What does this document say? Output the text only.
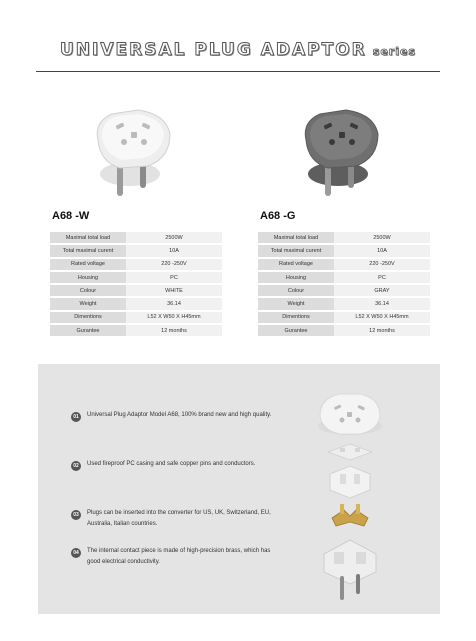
UNIVERSAL PLUG ADAPTOR series
A68 -W
Maximal total load	2500W
Total maximal curent	10A
Rated voltage	220 -250V
Housing	PC
Colour	WHITE
Weight	36.14
Dimentions	L52 X W50 X H45mm
Gurantee	12 months
A68 -G
Maximal total load	2500W
Total maximal curent	10A
Rated voltage	220 -250V
Housing	PC
Colour	GRAY
Weight	36.14
Dimentions	L52 X W50 X H45mm
Gurantee	12 months
01	Universal Plug Adaptor Model A68, 100% brand new and high quality.
02	Used fireproof PC casing and safe copper pins and conductors.
03	Plugs can be inserted into the converter for US, UK, Switzerland, EU, Australia, Italian countries.
04	The internal contact piece is made of high-precision brass, which has good electrical conductivity.
